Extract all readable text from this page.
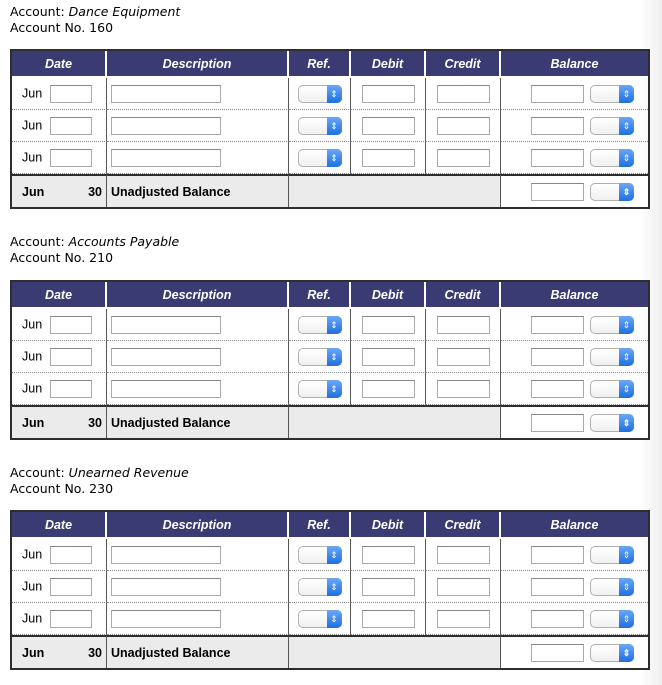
Account: Dance Equipment
Account No. 160
Date	Description	Ref.	Debit	Credit	Balance
Jun		⇕			⇕

Jun		⇕			⇕

Jun		⇕			⇕

Jun 30	Unadjusted Balance				⇕
Account: Accounts Payable
Account No. 210
Date	Description	Ref.	Debit	Credit	Balance
Jun		⇕			⇕

Jun		⇕			⇕

Jun		⇕			⇕

Jun 30	Unadjusted Balance				⇕
Account: Unearned Revenue
Account No. 230
Date	Description	Ref.	Debit	Credit	Balance
Jun		⇕			⇕

Jun		⇕			⇕

Jun		⇕			⇕

Jun 30	Unadjusted Balance				⇕
